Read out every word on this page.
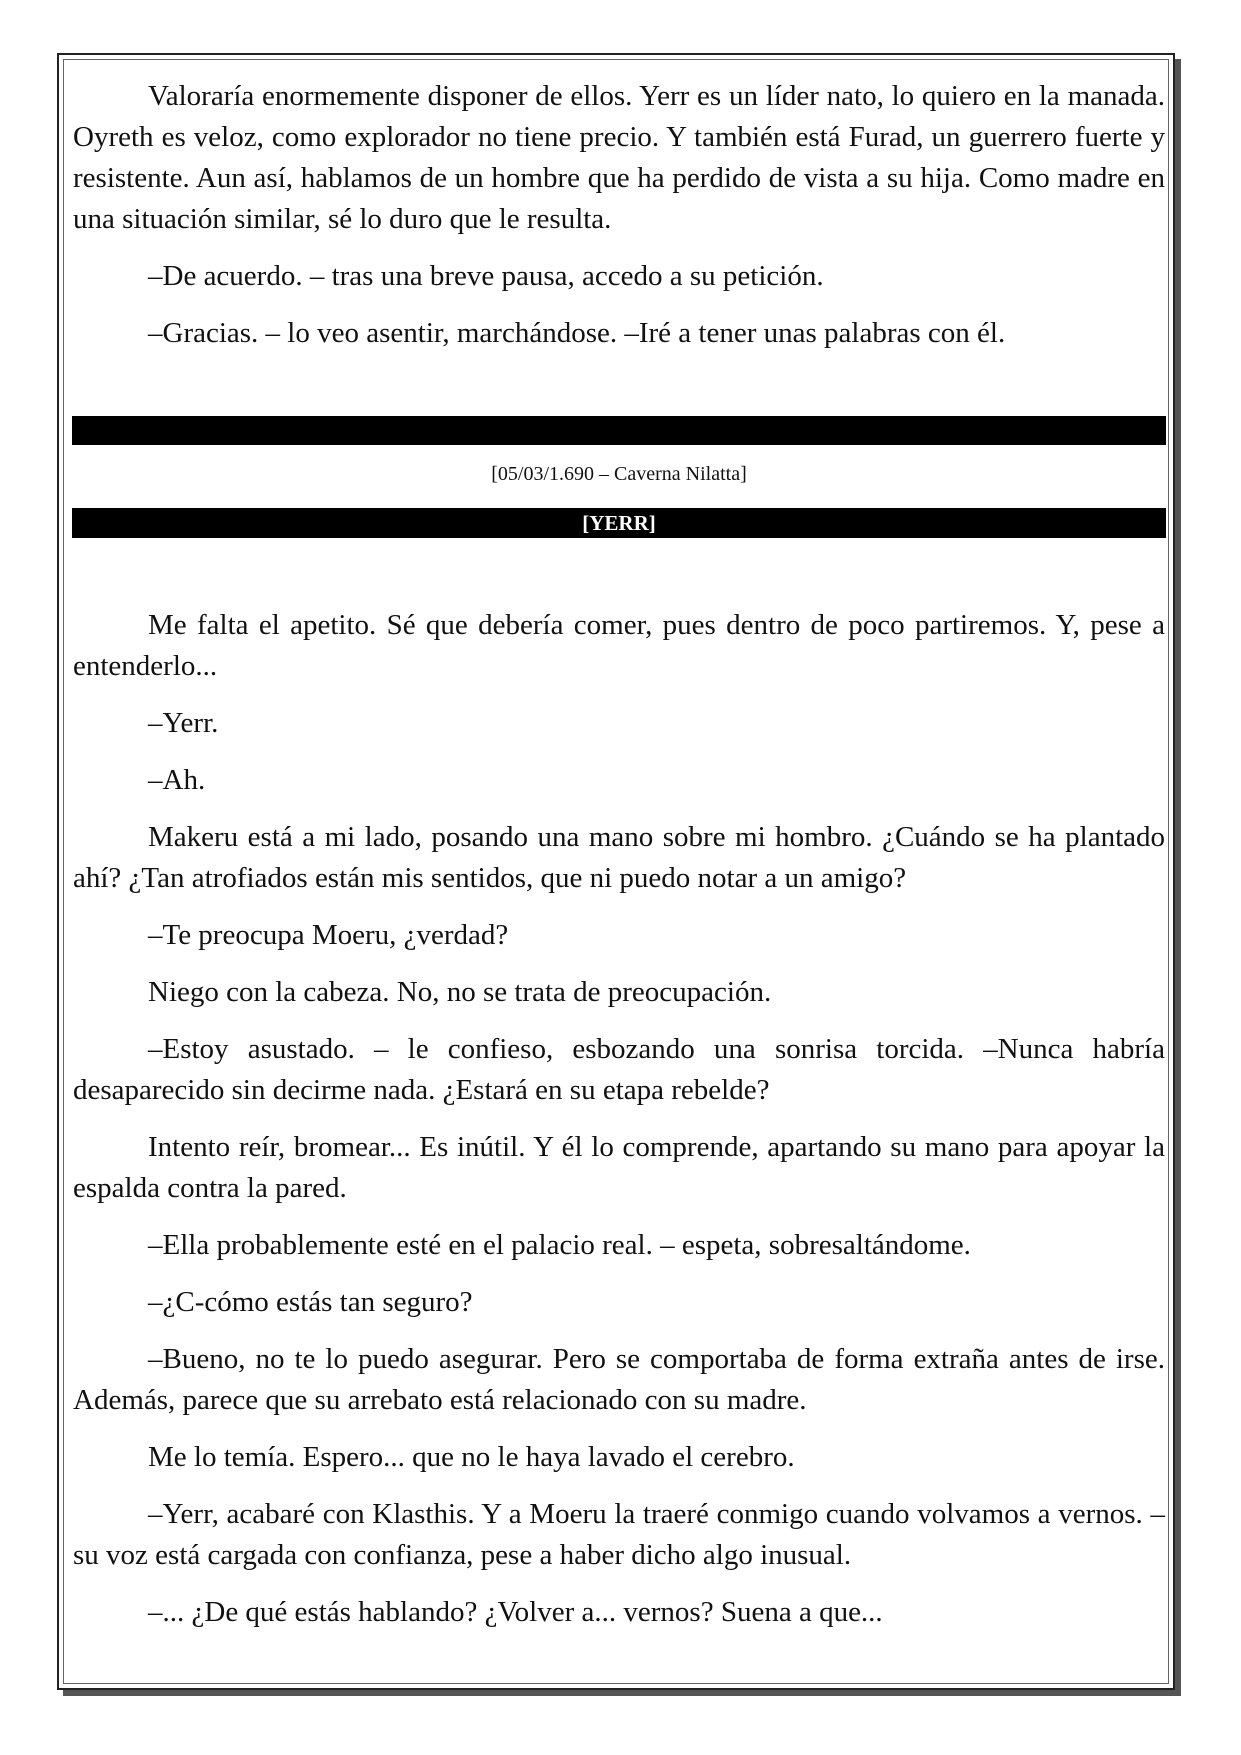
Valoraría enormemente disponer de ellos. Yerr es un líder nato, lo quiero en la manada. Oyreth es veloz, como explorador no tiene precio. Y también está Furad, un guerrero fuerte y resistente. Aun así, hablamos de un hombre que ha perdido de vista a su hija. Como madre en una situación similar, sé lo duro que le resulta.

–De acuerdo. – tras una breve pausa, accedo a su petición.

–Gracias. – lo veo asentir, marchándose. –Iré a tener unas palabras con él.

[05/03/1.690 – Caverna Nilatta]
[YERR]

Me falta el apetito. Sé que debería comer, pues dentro de poco partiremos. Y, pese a entenderlo...

–Yerr.

–Ah.

Makeru está a mi lado, posando una mano sobre mi hombro. ¿Cuándo se ha plantado ahí? ¿Tan atrofiados están mis sentidos, que ni puedo notar a un amigo?

–Te preocupa Moeru, ¿verdad?

Niego con la cabeza. No, no se trata de preocupación.

–Estoy asustado. – le confieso, esbozando una sonrisa torcida. –Nunca habría desaparecido sin decirme nada. ¿Estará en su etapa rebelde?

Intento reír, bromear... Es inútil. Y él lo comprende, apartando su mano para apoyar la espalda contra la pared.

–Ella probablemente esté en el palacio real. – espeta, sobresaltándome.

–¿C-cómo estás tan seguro?

–Bueno, no te lo puedo asegurar. Pero se comportaba de forma extraña antes de irse. Además, parece que su arrebato está relacionado con su madre.

Me lo temía. Espero... que no le haya lavado el cerebro.

–Yerr, acabaré con Klasthis. Y a Moeru la traeré conmigo cuando volvamos a vernos. – su voz está cargada con confianza, pese a haber dicho algo inusual.

–... ¿De qué estás hablando? ¿Volver a... vernos? Suena a que...
